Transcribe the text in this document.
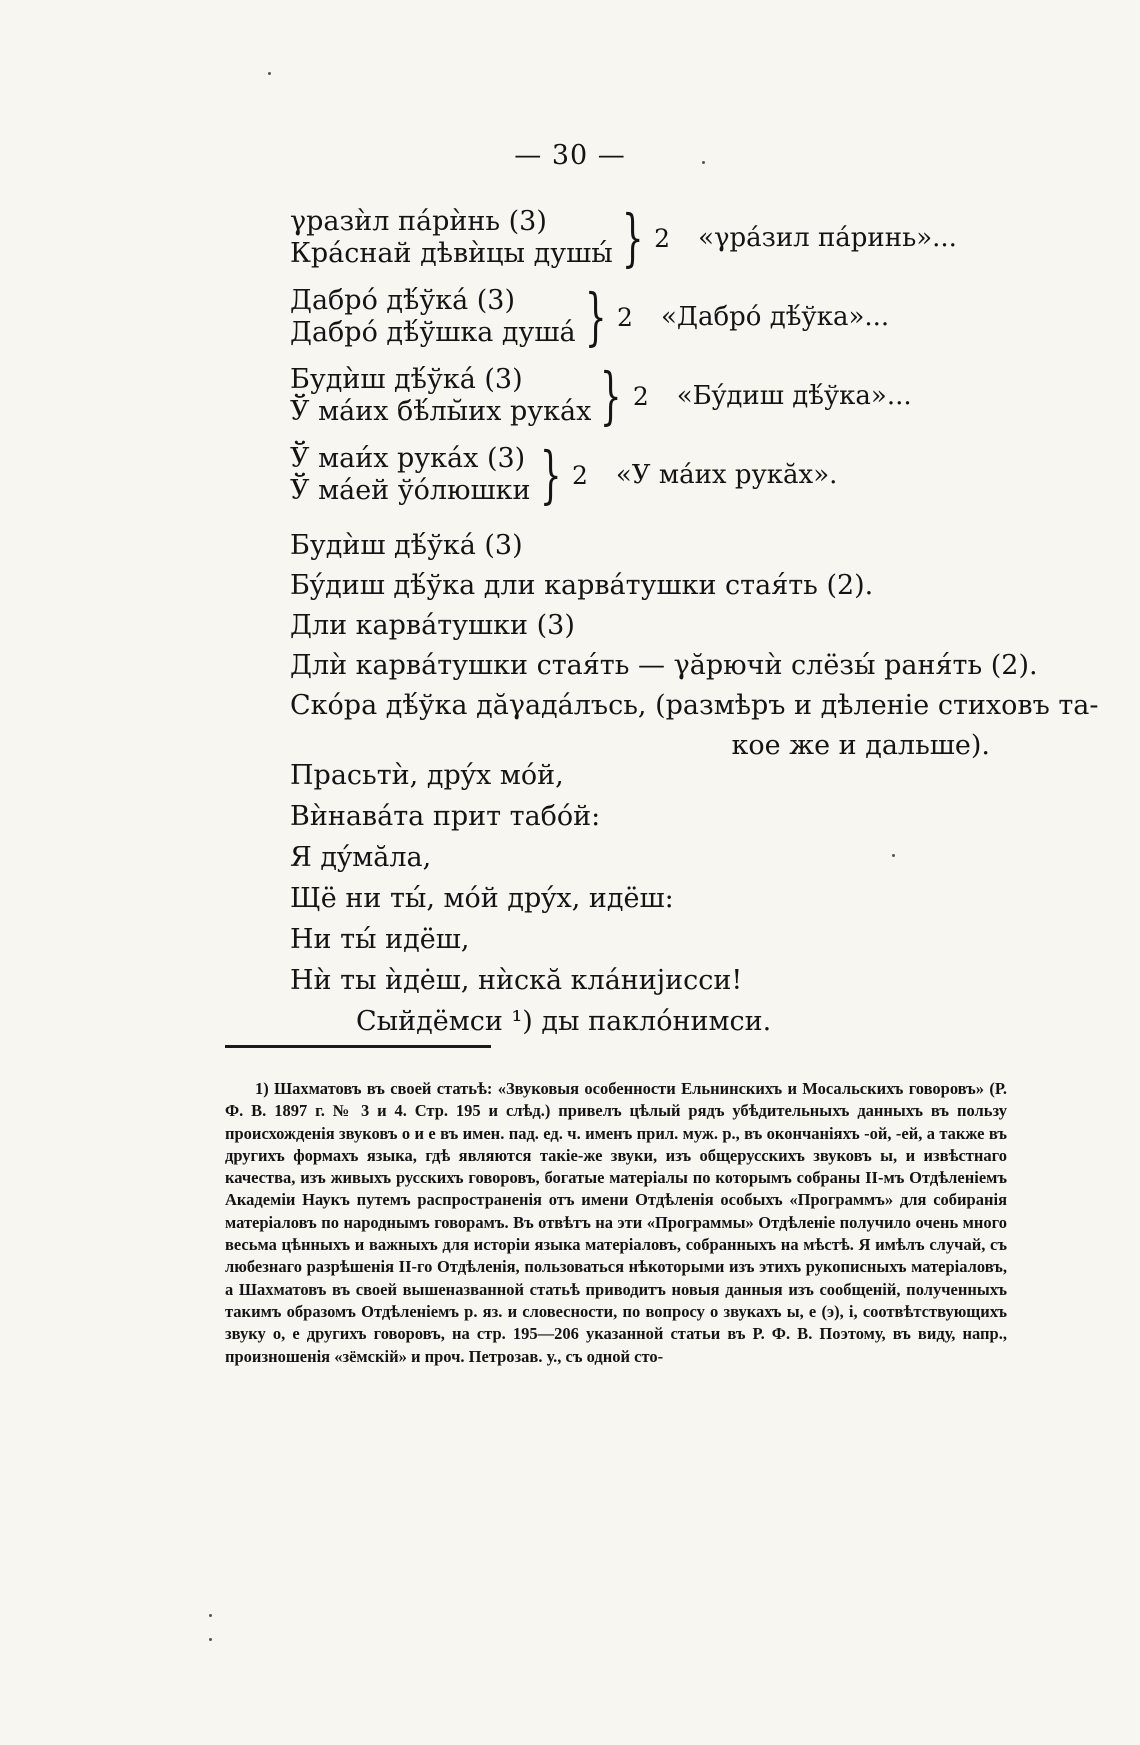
— 30 —
γразѝл пáрѝнь (3)
Крáснай дѣвѝцы душы́ } 2 «γрáзил пáринь»...
Дабрó дѣ́ўкá (3)
Дабрó дѣ́ўшка душá } 2 «Дабрó дѣ́ўка»...
Будѝш дѣ́ўкá (3)
Ў мáих бѣ́лы̆их рукáх } 2 «Бýдиш дѣ́ўка»...
Ў маи́х рукáх (3)
Ў мáей ўóлюшки } 2 «У мáих рукӑх».
Будѝш дѣ́ўкá (3)
Бýдиш дѣ́ўка дли карвáтушки стая́ть (2).
Дли карвáтушки (3)
Длѝ карвáтушки стая́ть — γӑрючѝ слёзы́ раня́ть (2).
Скóра дѣ́ўка дӑγадáлъсь, (размѣръ и дѣленіе стиховъ та-
кое же и дальше).
Прасьтѝ, дрýх мóй,
Вѝнавáта прит табóй:
Я дýмӑла,
Щё ни ты́, мóй дрýх, идёш:
Ни ты́ идёш,
Нѝ ты ѝде̇ш, нѝскӑ клáнијисси!
Сыйдёмси ¹) ды паклóнимси.

1) Шахматовъ въ своей статьѣ: «Звуковыя особенности Ельнинскихъ и Мосальскихъ говоровъ» (Р. Ф. В. 1897 г. № 3 и 4. Стр. 195 и слѣд.) привелъ цѣлый рядъ убѣдительныхъ данныхъ въ пользу происхожденія звуковъ о и е въ имен. пад. ед. ч. именъ прил. муж. р., въ окончаніяхъ -ой, -ей, а также въ другихъ формахъ языка, гдѣ являются такіе-же звуки, изъ общерусскихъ звуковъ ы, и извѣстнаго качества, изъ живыхъ русскихъ говоровъ, богатые матеріалы по которымъ собраны II-мъ Отдѣленіемъ Академіи Наукъ путемъ распространенія отъ имени Отдѣленія особыхъ «Программъ» для собиранія матеріаловъ по народнымъ говорамъ. Въ отвѣтъ на эти «Программы» Отдѣленіе получило очень много весьма цѣнныхъ и важныхъ для исторіи языка матеріаловъ, собранныхъ на мѣстѣ. Я имѣлъ случай, съ любезнаго разрѣшенія II-го Отдѣленія, пользоваться нѣкоторыми изъ этихъ рукописныхъ матеріаловъ, а Шахматовъ въ своей вышеназванной статьѣ приводитъ новыя данныя изъ сообщеній, полученныхъ такимъ образомъ Отдѣленіемъ р. яз. и словесности, по вопросу о звукахъ ы, е (э), і, соотвѣтствующихъ звуку о, е другихъ говоровъ, на стр. 195—206 указанной статьи въ Р. Ф. В. Поэтому, въ виду, напр., произношенія «зёмскій» и проч. Петрозав. у., съ одной сто-
